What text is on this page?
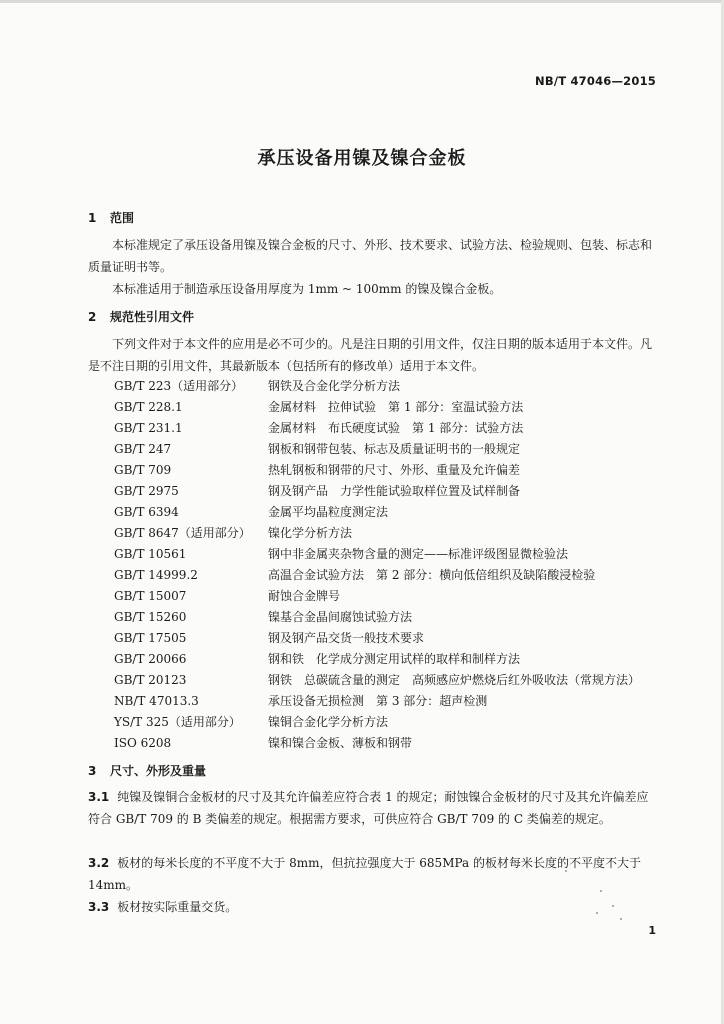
NB/T 47046—2015
承压设备用镍及镍合金板
1 范围
本标准规定了承压设备用镍及镍合金板的尺寸、外形、技术要求、试验方法、检验规则、包装、标志和质量证明书等。
本标准适用于制造承压设备用厚度为 1mm ~ 100mm 的镍及镍合金板。
2 规范性引用文件
下列文件对于本文件的应用是必不可少的。凡是注日期的引用文件，仅注日期的版本适用于本文件。凡是不注日期的引用文件，其最新版本（包括所有的修改单）适用于本文件。
GB/T 223（适用部分） 钢铁及合金化学分析方法
GB/T 228.1	金属材料　拉伸试验　第 1 部分：室温试验方法
GB/T 231.1	金属材料　布氏硬度试验　第 1 部分：试验方法
GB/T 247	钢板和钢带包装、标志及质量证明书的一般规定
GB/T 709	热轧钢板和钢带的尺寸、外形、重量及允许偏差
GB/T 2975	钢及钢产品　力学性能试验取样位置及试样制备
GB/T 6394	金属平均晶粒度测定法
GB/T 8647（适用部分） 镍化学分析方法
GB/T 10561	钢中非金属夹杂物含量的测定——标准评级图显微检验法
GB/T 14999.2	高温合金试验方法　第 2 部分：横向低倍组织及缺陷酸浸检验
GB/T 15007	耐蚀合金牌号
GB/T 15260	镍基合金晶间腐蚀试验方法
GB/T 17505	钢及钢产品交货一般技术要求
GB/T 20066	钢和铁　化学成分测定用试样的取样和制样方法
GB/T 20123	钢铁　总碳硫含量的测定　高频感应炉燃烧后红外吸收法（常规方法）
NB/T 47013.3	承压设备无损检测　第 3 部分：超声检测
YS/T 325（适用部分） 镍铜合金化学分析方法
ISO 6208	镍和镍合金板、薄板和钢带
3 尺寸、外形及重量
3.1 纯镍及镍铜合金板材的尺寸及其允许偏差应符合表 1 的规定；耐蚀镍合金板材的尺寸及其允许偏差应符合 GB/T 709 的 B 类偏差的规定。根据需方要求，可供应符合 GB/T 709 的 C 类偏差的规定。
3.2 板材的每米长度的不平度不大于 8mm，但抗拉强度大于 685MPa 的板材每米长度的不平度不大于 14mm。
3.3 板材按实际重量交货。
1
